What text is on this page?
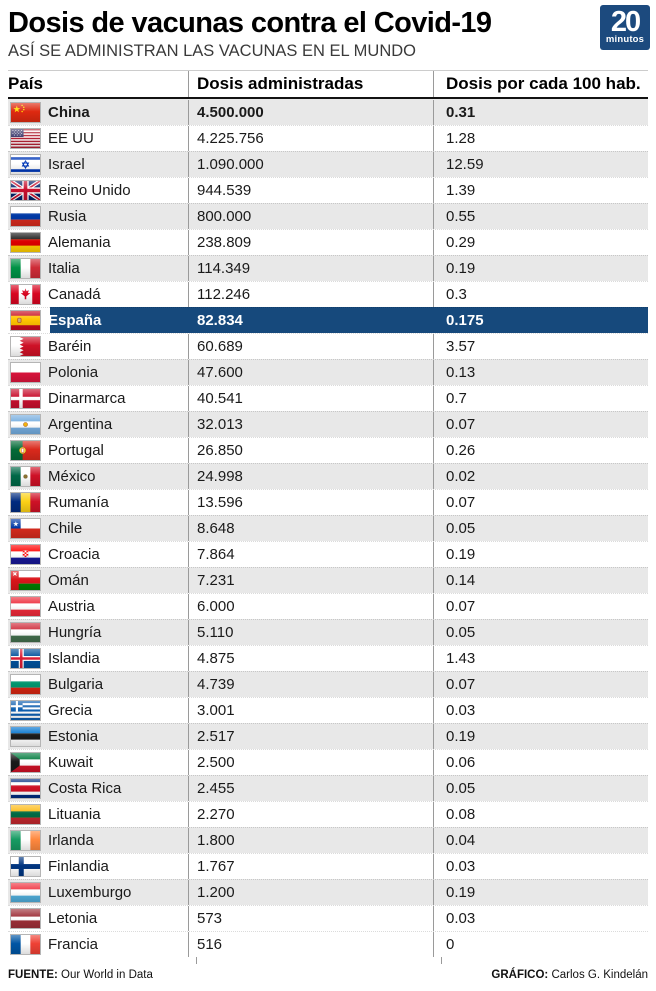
Dosis de vacunas contra el Covid-19
ASÍ SE ADMINISTRAN LAS VACUNAS EN EL MUNDO
20
minutos
País	Dosis administradas	Dosis por cada 100 hab.
China	4.500.000	0.31
EE UU	4.225.756	1.28
Israel	1.090.000	12.59
Reino Unido	944.539	1.39
Rusia	800.000	0.55
Alemania	238.809	0.29
Italia	114.349	0.19
Canadá	112.246	0.3
España	82.834	0.175
Baréin	60.689	3.57
Polonia	47.600	0.13
Dinarmarca	40.541	0.7
Argentina	32.013	0.07
Portugal	26.850	0.26
México	24.998	0.02
Rumanía	13.596	0.07
Chile	8.648	0.05
Croacia	7.864	0.19
Omán	7.231	0.14
Austria	6.000	0.07
Hungría	5.110	0.05
Islandia	4.875	1.43
Bulgaria	4.739	0.07
Grecia	3.001	0.03
Estonia	2.517	0.19
Kuwait	2.500	0.06
Costa Rica	2.455	0.05
Lituania	2.270	0.08
Irlanda	1.800	0.04
Finlandia	1.767	0.03
Luxemburgo	1.200	0.19
Letonia	573	0.03
Francia	516	0
FUENTE: Our World in Data	GRÁFICO: Carlos G. Kindelán
